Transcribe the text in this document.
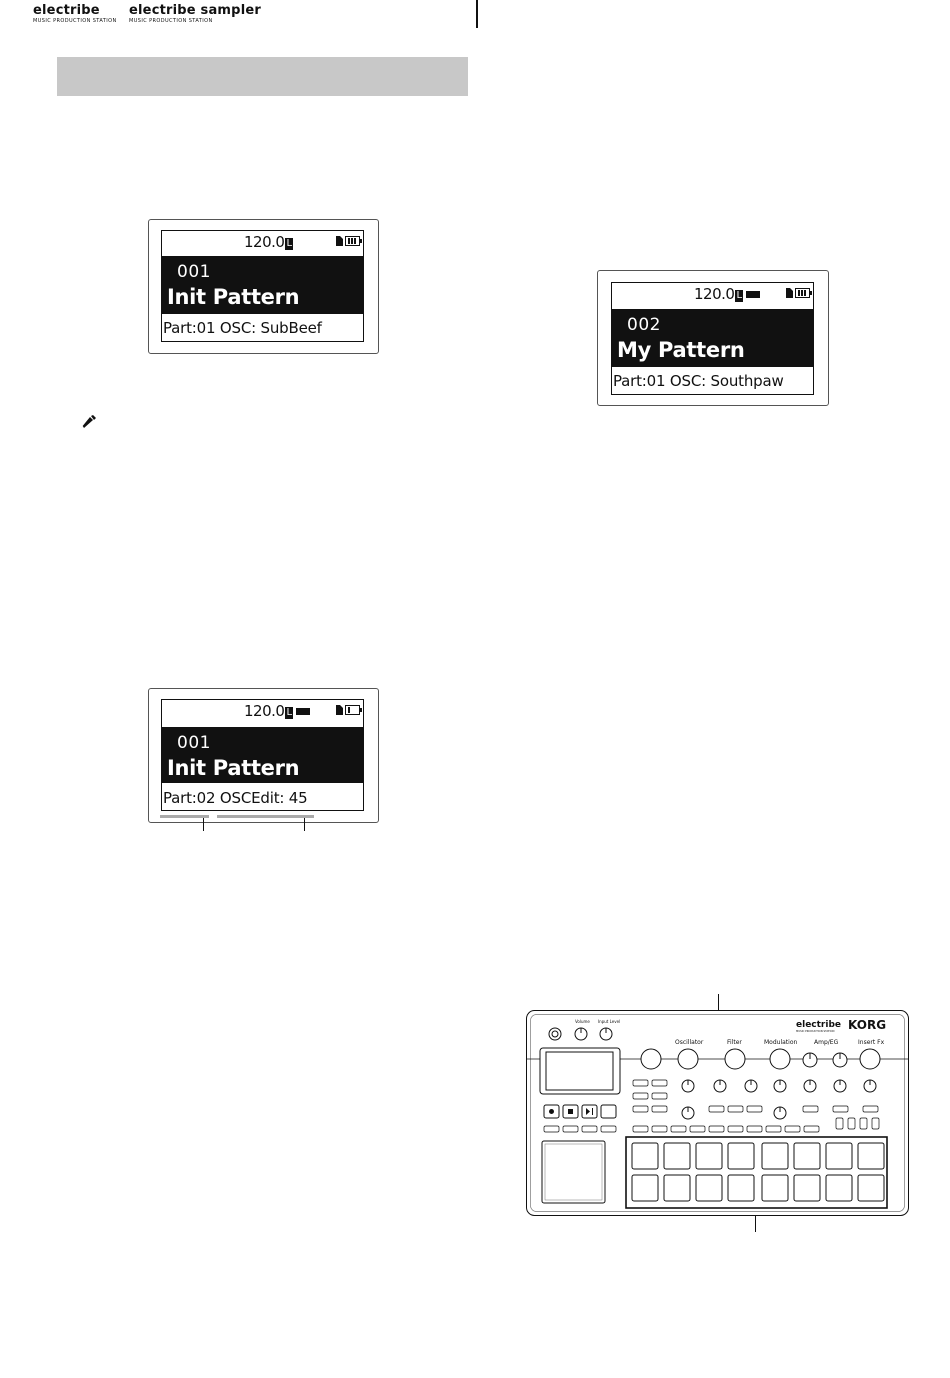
electribe
MUSIC PRODUCTION STATION
electribe sampler
MUSIC PRODUCTION STATION
120.0 L
001
Init Pattern
Part:01 OSC: SubBeef
120.0 L
001
Init Pattern
Part:02 OSCEdit: 45
120.0 L
002
My Pattern
Part:01 OSC: Southpaw
Volume Input Level
Oscillator	Filter	Modulation	Amp/EG	Insert Fx
electribe
MUSIC PRODUCTION STATION KORG
